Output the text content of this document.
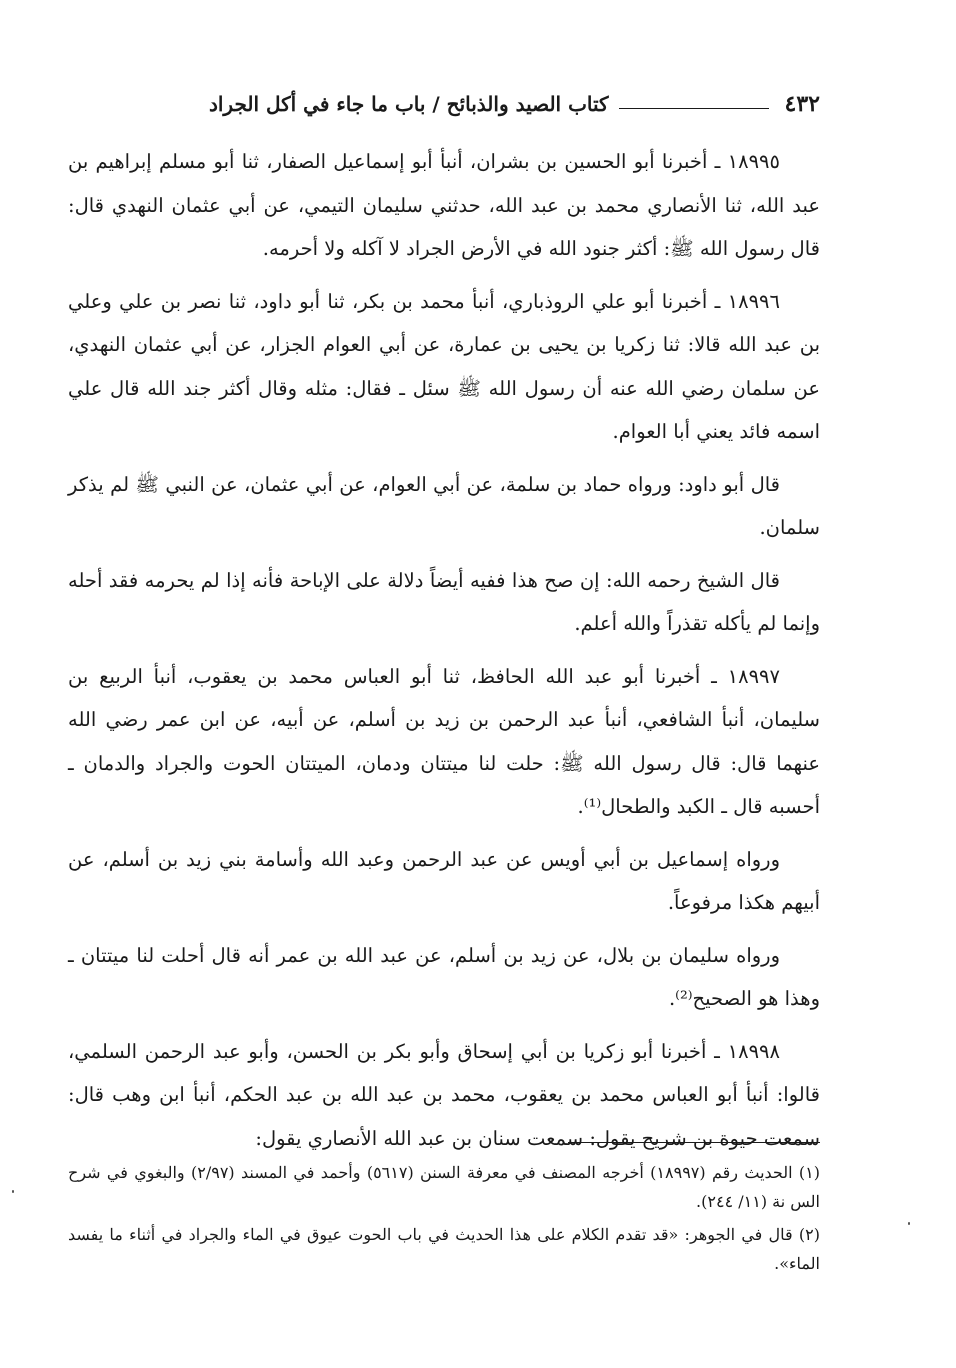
٤٣٢
كتاب الصيد والذبائح / باب ما جاء في أكل الجراد

١٨٩٩٥ ـ أخبرنا أبو الحسين بن بشران، أنبأ أبو إسماعيل الصفار، ثنا أبو مسلم إبراهيم بن عبد الله، ثنا الأنصاري محمد بن عبد الله، حدثني سليمان التيمي، عن أبي عثمان النهدي قال: قال رسول الله ﷺ: أكثر جنود الله في الأرض الجراد لا آكله ولا أحرمه.

١٨٩٩٦ ـ أخبرنا أبو علي الروذباري، أنبأ محمد بن بكر، ثنا أبو داود، ثنا نصر بن علي وعلي بن عبد الله قالا: ثنا زكريا بن يحيى بن عمارة، عن أبي العوام الجزار، عن أبي عثمان النهدي، عن سلمان رضي الله عنه أن رسول الله ﷺ سئل ـ فقال: مثله وقال أكثر جند الله قال علي اسمه فائد يعني أبا العوام.

قال أبو داود: ورواه حماد بن سلمة، عن أبي العوام، عن أبي عثمان، عن النبي ﷺ لم يذكر سلمان.

قال الشيخ رحمه الله: إن صح هذا ففيه أيضاً دلالة على الإباحة فأنه إذا لم يحرمه فقد أحله وإنما لم يأكله تقذراً والله أعلم.

١٨٩٩٧ ـ أخبرنا أبو عبد الله الحافظ، ثنا أبو العباس محمد بن يعقوب، أنبأ الربيع بن سليمان، أنبأ الشافعي، أنبأ عبد الرحمن بن زيد بن أسلم، عن أبيه، عن ابن عمر رضي الله عنهما قال: قال رسول الله ﷺ: حلت لنا ميتتان ودمان، الميتتان الحوت والجراد والدمان ـ أحسبه قال ـ الكبد والطحال⁽¹⁾.

ورواه إسماعيل بن أبي أويس عن عبد الرحمن وعبد الله وأسامة بني زيد بن أسلم، عن أبيهم هكذا مرفوعاً.

ورواه سليمان بن بلال، عن زيد بن أسلم، عن عبد الله بن عمر أنه قال أحلت لنا ميتتان ـ وهذا هو الصحيح⁽²⁾.

١٨٩٩٨ ـ أخبرنا أبو زكريا بن أبي إسحاق وأبو بكر بن الحسن، وأبو عبد الرحمن السلمي، قالوا: أنبأ أبو العباس محمد بن يعقوب، محمد بن عبد الله بن عبد الحكم، أنبأ ابن وهب قال: سمعت حيوة بن شريح يقول: سمعت سنان بن عبد الله الأنصاري يقول:

(١) الحديث رقم (١٨٩٩٧) أخرجه المصنف في معرفة السنن (٥٦١٧) وأحمد في المسند (٢/٩٧) والبغوي في شرح الس نة (١١/ ٢٤٤).

(٢) قال في الجوهر: «قد تقدم الكلام على هذا الحديث في باب الحوت عيوق في الماء والجراد في أثناء ما يفسد الماء».
